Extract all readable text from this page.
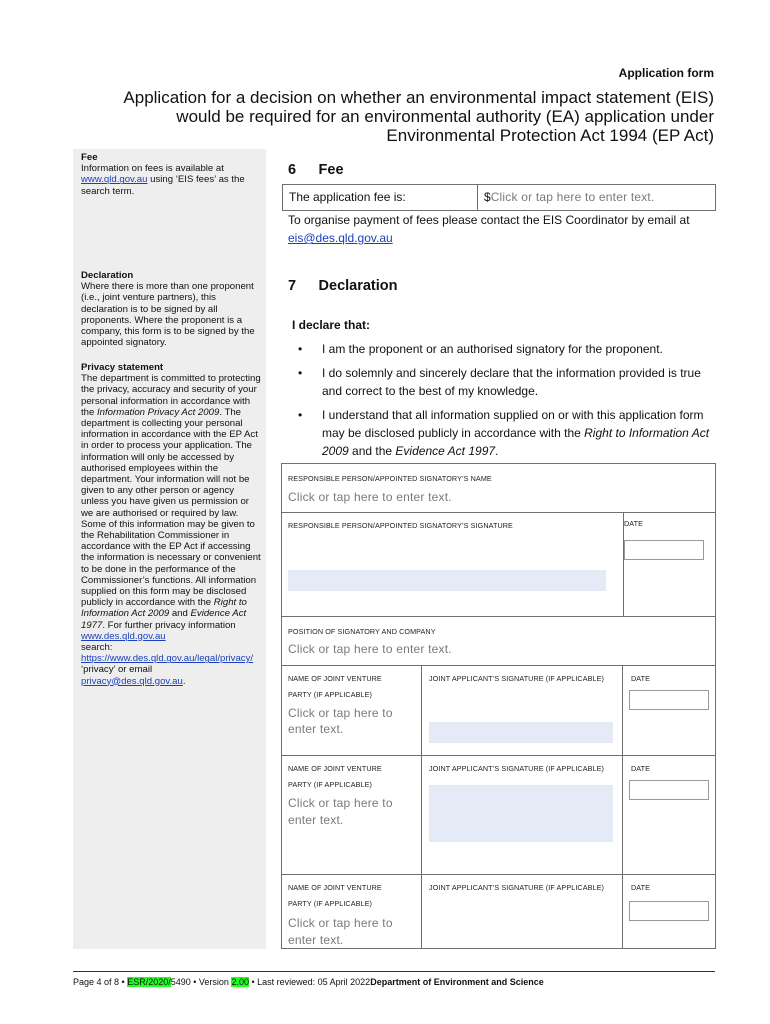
Application form
Application for a decision on whether an environmental impact statement (EIS)
would be required for an environmental authority (EA) application under
Environmental Protection Act 1994 (EP Act)
Fee
Information on fees is available at
www.qld.gov.au using ‘EIS fees’ as the search term.
Declaration
Where there is more than one proponent (i.e., joint venture partners), this declaration is to be signed by all proponents. Where the proponent is a company, this form is to be signed by the appointed signatory.
Privacy statement
The department is committed to protecting the privacy, accuracy and security of your personal information in accordance with the Information Privacy Act 2009. The department is collecting your personal information in accordance with the EP Act in order to process your application. The information will only be accessed by authorised employees within the department. Your information will not be given to any other person or agency unless you have given us permission or we are authorised or required by law. Some of this information may be given to the Rehabilitation Commissioner in accordance with the EP Act if accessing the information is necessary or convenient to be done in the performance of the Commissioner’s functions. All information supplied on this form may be disclosed publicly in accordance with the Right to Information Act 2009 and Evidence Act 1977. For further privacy information www.des.qld.gov.au
search:
https://www.des.qld.gov.au/legal/privacy/ ‘privacy’ or email
privacy@des.qld.gov.au.
6 Fee
The application fee is:	$Click or tap here to enter text.
To organise payment of fees please contact the EIS Coordinator by email at eis@des.qld.gov.au
7 Declaration
I declare that:
• I am the proponent or an authorised signatory for the proponent.
• I do solemnly and sincerely declare that the information provided is true and correct to the best of my knowledge.
• I understand that all information supplied on or with this application form may be disclosed publicly in accordance with the Right to Information Act 2009 and the Evidence Act 1997.
RESPONSIBLE PERSON/APPOINTED SIGNATORY’S NAME
Click or tap here to enter text.
RESPONSIBLE PERSON/APPOINTED SIGNATORY’S SIGNATURE	DATE
POSITION OF SIGNATORY AND COMPANY
Click or tap here to enter text.
NAME OF JOINT VENTURE
PARTY (IF APPLICABLE)
Click or tap here to
enter text.
JOINT APPLICANT’S SIGNATURE (IF APPLICABLE)	DATE
NAME OF JOINT VENTURE
PARTY (IF APPLICABLE)
Click or tap here to
enter text.
JOINT APPLICANT’S SIGNATURE (IF APPLICABLE)	DATE
NAME OF JOINT VENTURE
PARTY (IF APPLICABLE)
Click or tap here to
enter text.
JOINT APPLICANT’S SIGNATURE (IF APPLICABLE)	DATE
Page 4 of 8 • ESR/2020/5490 • Version 2.00 • Last reviewed: 05 April 2022Department of Environment and Science
